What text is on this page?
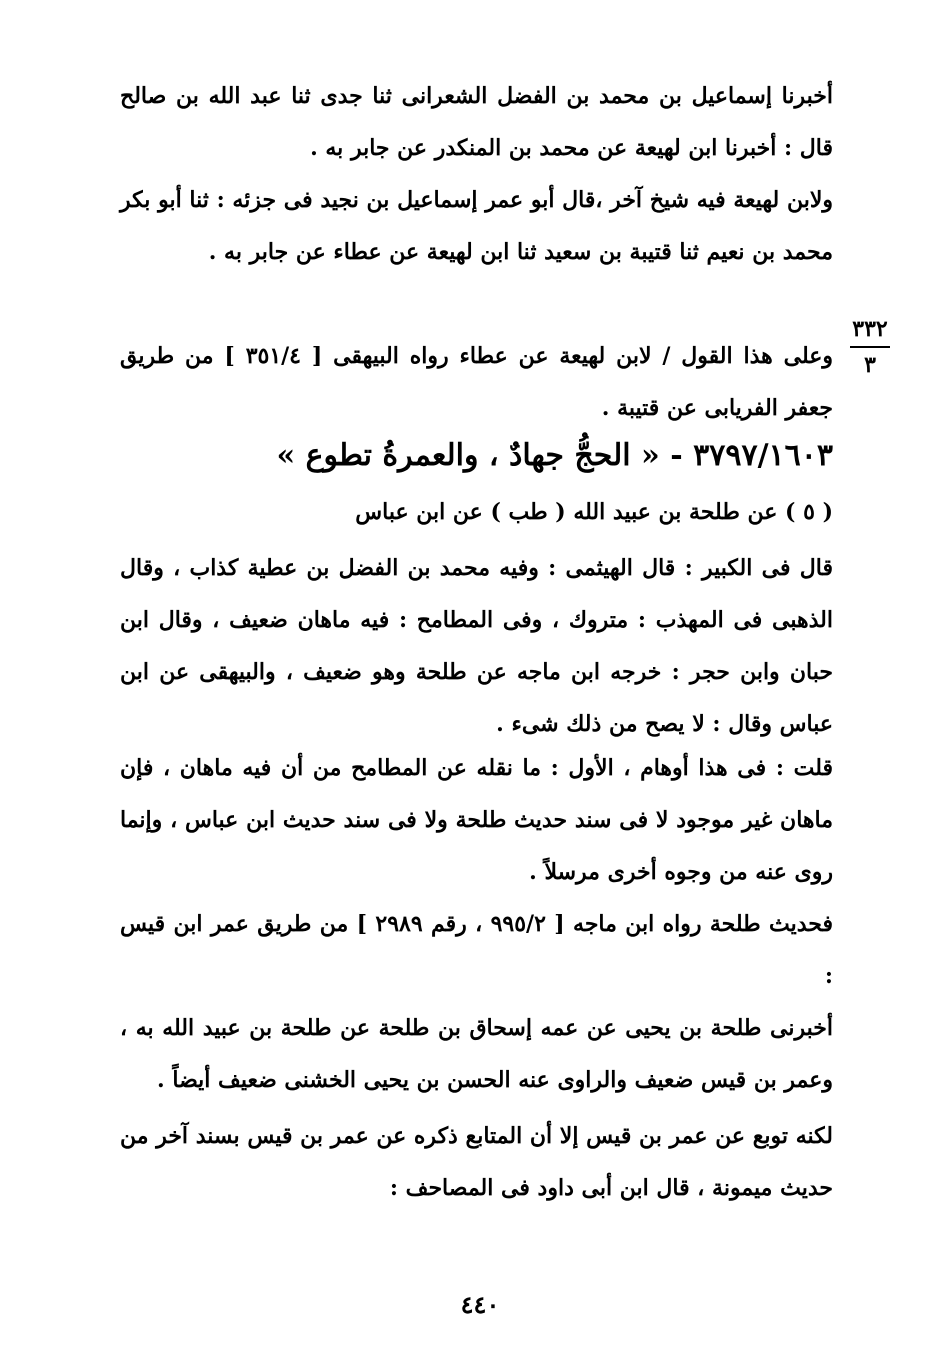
أخبرنا إسماعيل بن محمد بن الفضل الشعرانى ثنا جدى ثنا عبد الله بن صالح قال : أخبرنا ابن لهيعة عن محمد بن المنكدر عن جابر به .

ولابن لهيعة فيه شيخ آخر ،قال أبو عمر إسماعيل بن نجيد فى جزئه : ثنا أبو بكر محمد بن نعيم ثنا قتيبة بن سعيد ثنا ابن لهيعة عن عطاء عن جابر به .

وعلى هذا القول / لابن لهيعة عن عطاء رواه البيهقى [ ٣٥١/٤ ] من طريق جعفر الفريابى عن قتيبة .

٣٣٢
٣

٣٧٩٧/١٦٠٣ - « الحجُّ جهادٌ ، والعمرةُ تطوع »

( ٥ ) عن طلحة بن عبيد الله ( طب ) عن ابن عباس

قال فى الكبير : قال الهيثمى : وفيه محمد بن الفضل بن عطية كذاب ، وقال الذهبى فى المهذب : متروك ، وفى المطامح : فيه ماهان ضعيف ، وقال ابن حبان وابن حجر : خرجه ابن ماجه عن طلحة وهو ضعيف ، والبيهقى عن ابن عباس وقال : لا يصح من ذلك شىء .

قلت : فى هذا أوهام ، الأول : ما نقله عن المطامح من أن فيه ماهان ، فإن ماهان غير موجود لا فى سند حديث طلحة ولا فى سند حديث ابن عباس ، وإنما روى عنه من وجوه أخرى مرسلاً .

فحديث طلحة رواه ابن ماجه [ ٩٩٥/٢ ، رقم ٢٩٨٩ ] من طريق عمر ابن قيس :

أخبرنى طلحة بن يحيى عن عمه إسحاق بن طلحة عن طلحة بن عبيد الله به ، وعمر بن قيس ضعيف والراوى عنه الحسن بن يحيى الخشنى ضعيف أيضاً .

لكنه توبع عن عمر بن قيس إلا أن المتابع ذكره عن عمر بن قيس بسند آخر من حديث ميمونة ، قال ابن أبى داود فى المصاحف :

٤٤٠
